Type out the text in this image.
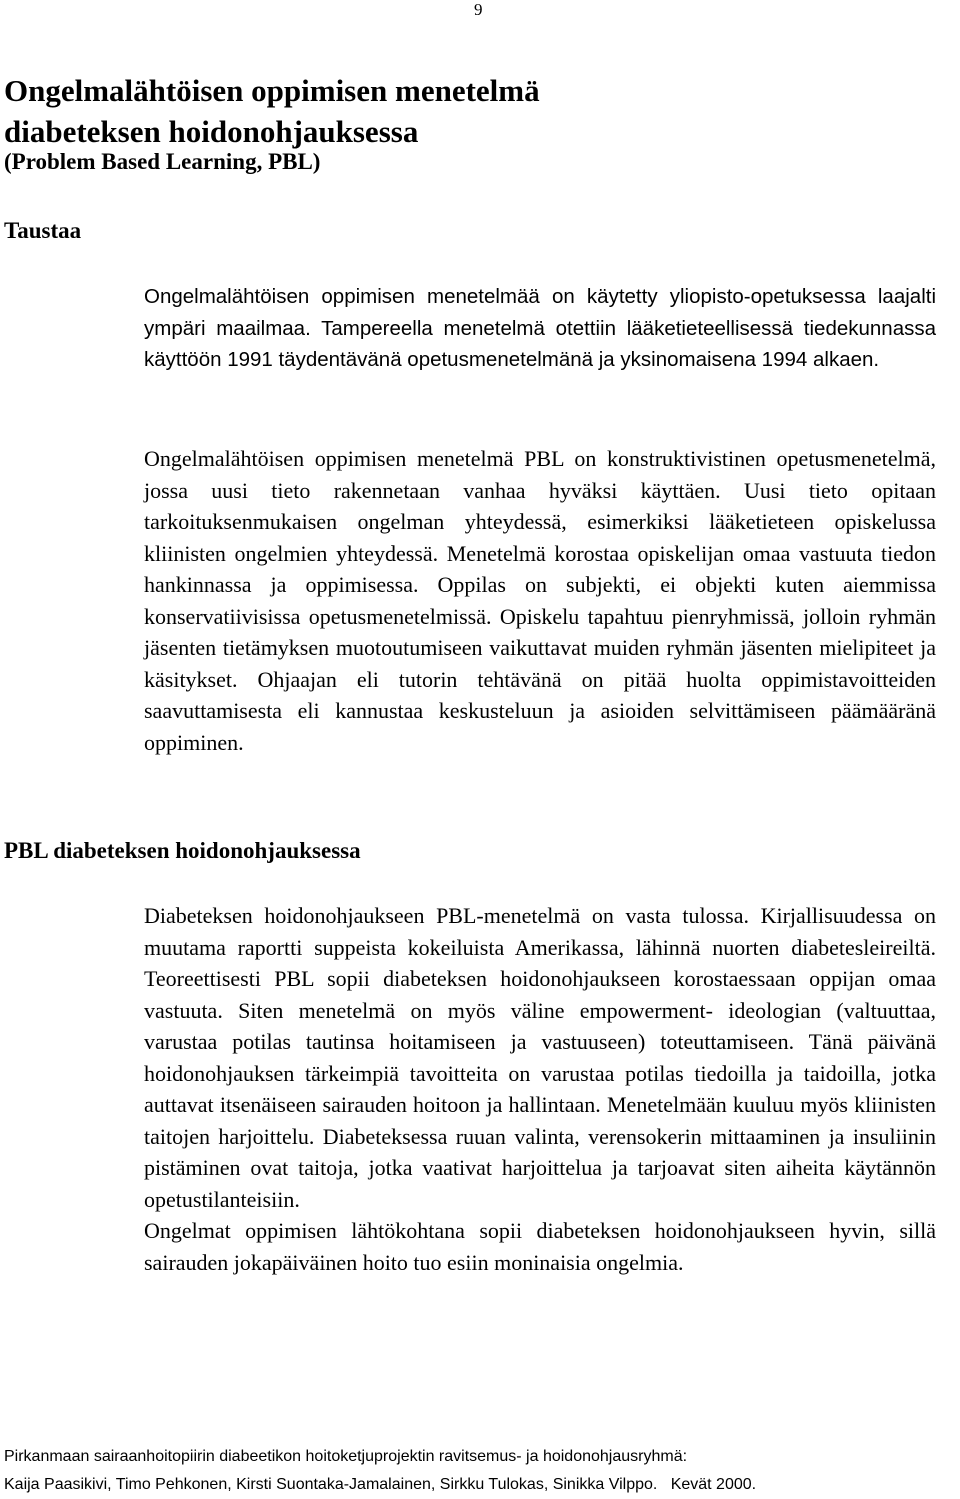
9
Ongelmalähtöisen oppimisen menetelmä
diabeteksen hoidonohjauksessa
(Problem Based Learning, PBL)
Taustaa

Ongelmalähtöisen oppimisen menetelmää on käytetty yliopisto-opetuksessa laajalti ympäri maailmaa. Tampereella menetelmä otettiin lääketieteellisessä tiedekunnassa käyttöön 1991 täydentävänä opetusmenetelmänä ja yksinomaisena 1994 alkaen.

Ongelmalähtöisen oppimisen menetelmä PBL on konstruktivistinen opetusmenetelmä, jossa uusi tieto rakennetaan vanhaa hyväksi käyttäen. Uusi tieto opitaan tarkoituksenmukaisen ongelman yhteydessä, esimerkiksi lääketieteen opiskelussa kliinisten ongelmien yhteydessä. Menetelmä korostaa opiskelijan omaa vastuuta tiedon hankinnassa ja oppimisessa. Oppilas on subjekti, ei objekti kuten aiemmissa konservatiivisissa opetusmenetelmissä. Opiskelu tapahtuu pienryhmissä, jolloin ryhmän jäsenten tietämyksen muotoutumiseen vaikuttavat muiden ryhmän jäsenten mielipiteet ja käsitykset. Ohjaajan eli tutorin tehtävänä on pitää huolta oppimistavoitteiden saavuttamisesta eli kannustaa keskusteluun ja asioiden selvittämiseen päämääränä oppiminen.

PBL diabeteksen hoidonohjauksessa
Diabeteksen hoidonohjaukseen PBL-menetelmä on vasta tulossa. Kirjallisuudessa on muutama raportti suppeista kokeiluista Amerikassa, lähinnä nuorten diabetesleireiltä. Teoreettisesti PBL sopii diabeteksen hoidonohjaukseen korostaessaan oppijan omaa vastuuta. Siten menetelmä on myös väline empowerment- ideologian (valtuuttaa, varustaa potilas tautinsa hoitamiseen ja vastuuseen) toteuttamiseen. Tänä päivänä hoidonohjauksen tärkeimpiä tavoitteita on varustaa potilas tiedoilla ja taidoilla, jotka auttavat itsenäiseen sairauden hoitoon ja hallintaan. Menetelmään kuuluu myös kliinisten taitojen harjoittelu. Diabeteksessa ruuan valinta, verensokerin mittaaminen ja insuliinin pistäminen ovat taitoja, jotka vaativat harjoittelua ja tarjoavat siten aiheita käytännön opetustilanteisiin.
Ongelmat oppimisen lähtökohtana sopii diabeteksen hoidonohjaukseen hyvin, sillä sairauden jokapäiväinen hoito tuo esiin moninaisia ongelmia.
Pirkanmaan sairaanhoitopiirin diabeetikon hoitoketjuprojektin ravitsemus- ja hoidonohjausryhmä:
Kaija Paasikivi, Timo Pehkonen, Kirsti Suontaka-Jamalainen, Sirkku Tulokas, Sinikka Vilppo.   Kevät 2000.
